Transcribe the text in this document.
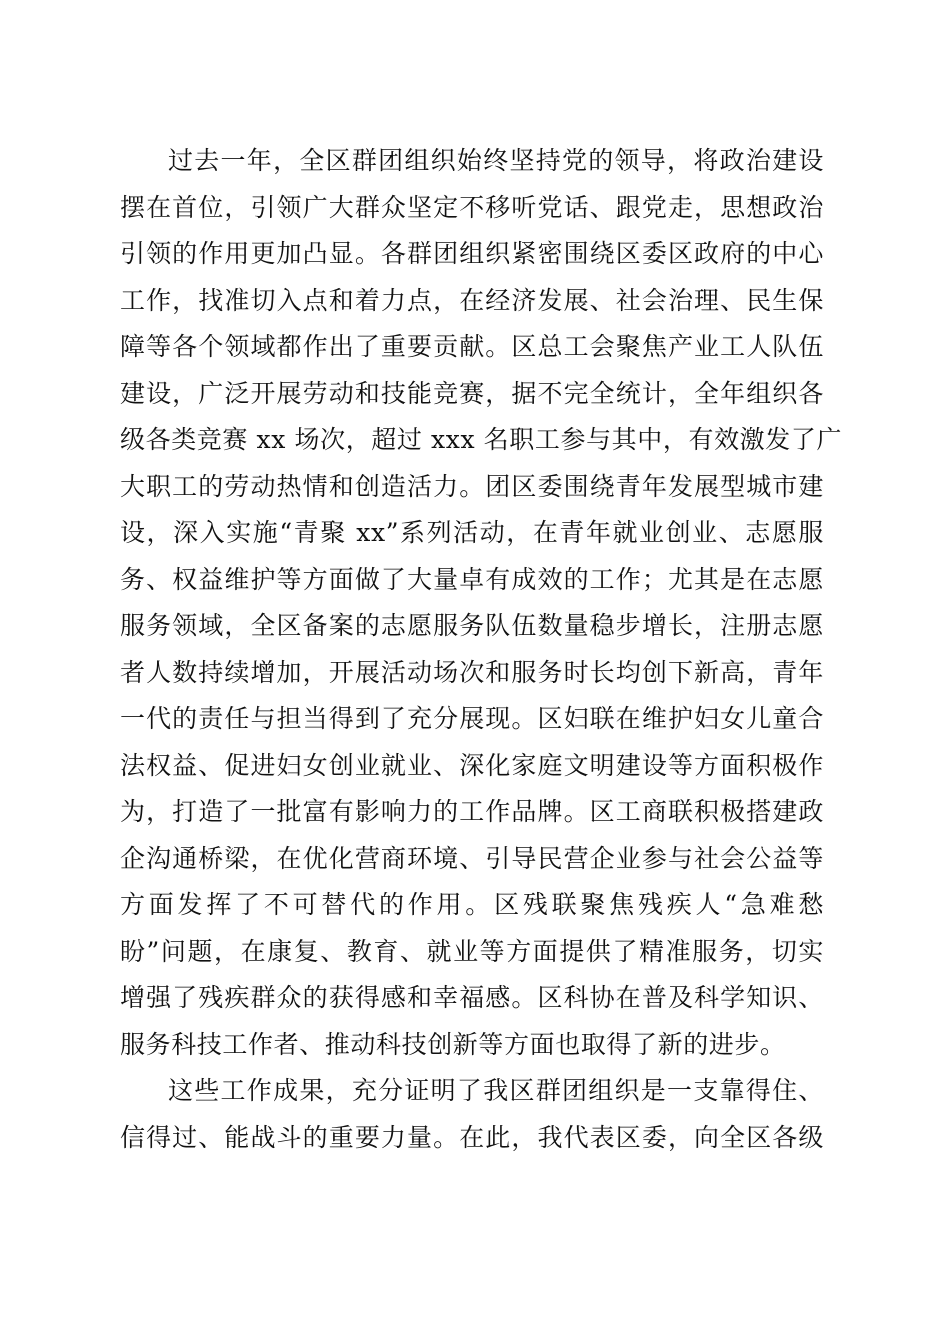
过去一年，全区群团组织始终坚持党的领导，将政治建设
摆在首位，引领广大群众坚定不移听党话、跟党走，思想政治
引领的作用更加凸显。各群团组织紧密围绕区委区政府的中心
工作，找准切入点和着力点，在经济发展、社会治理、民生保
障等各个领域都作出了重要贡献。区总工会聚焦产业工人队伍
建设，广泛开展劳动和技能竞赛，据不完全统计，全年组织各
级各类竞赛 xx 场次，超过 xxx 名职工参与其中，有效激发了广
大职工的劳动热情和创造活力。团区委围绕青年发展型城市建
设，深入实施“青聚 xx”系列活动，在青年就业创业、志愿服
务、权益维护等方面做了大量卓有成效的工作；尤其是在志愿
服务领域，全区备案的志愿服务队伍数量稳步增长，注册志愿
者人数持续增加，开展活动场次和服务时长均创下新高，青年
一代的责任与担当得到了充分展现。区妇联在维护妇女儿童合
法权益、促进妇女创业就业、深化家庭文明建设等方面积极作
为，打造了一批富有影响力的工作品牌。区工商联积极搭建政
企沟通桥梁，在优化营商环境、引导民营企业参与社会公益等
方面发挥了不可替代的作用。区残联聚焦残疾人“急难愁
盼”问题，在康复、教育、就业等方面提供了精准服务，切实
增强了残疾群众的获得感和幸福感。区科协在普及科学知识、
服务科技工作者、推动科技创新等方面也取得了新的进步。
这些工作成果，充分证明了我区群团组织是一支靠得住、
信得过、能战斗的重要力量。在此，我代表区委，向全区各级
